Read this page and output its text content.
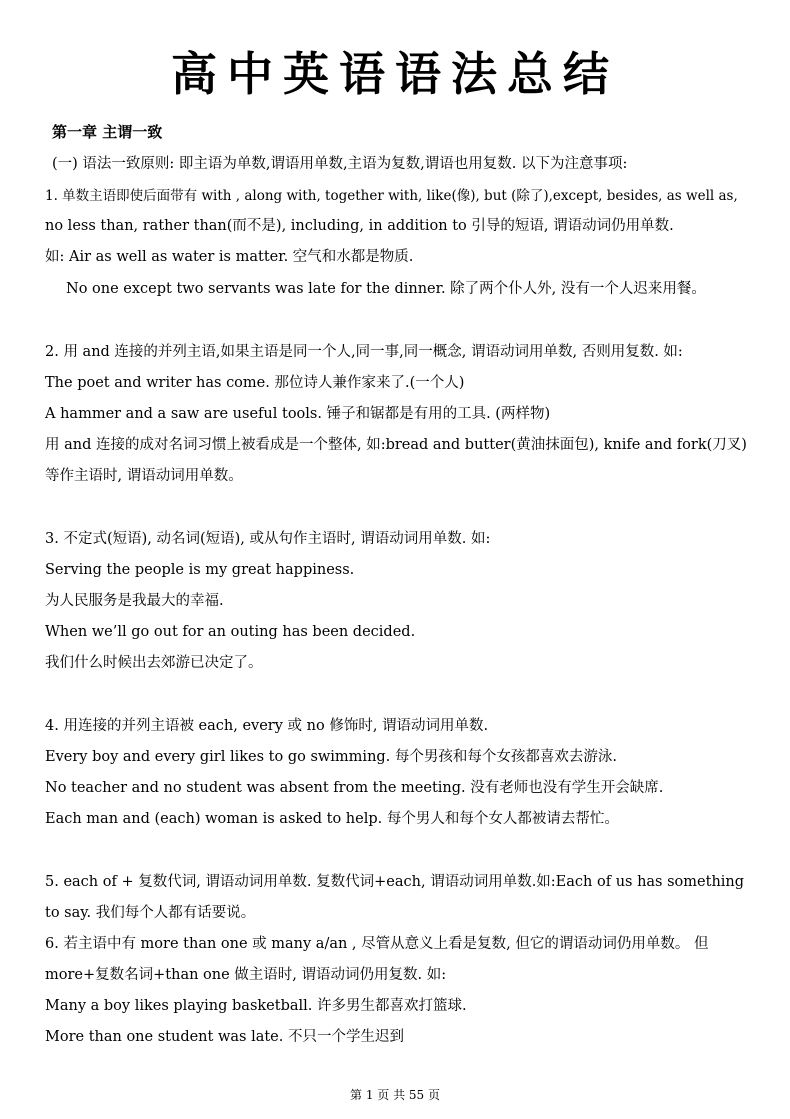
高中英语语法总结
第一章 主谓一致
(一) 语法一致原则: 即主语为单数,谓语用单数,主语为复数,谓语也用复数. 以下为注意事项:
1. 单数主语即使后面带有 with , along with, together with, like(像), but (除了),except, besides, as well as,
no less than, rather than(而不是), including, in addition to 引导的短语, 谓语动词仍用单数.
如: Air as well as water is matter. 空气和水都是物质.
No one except two servants was late for the dinner. 除了两个仆人外, 没有一个人迟来用餐。
2. 用 and 连接的并列主语,如果主语是同一个人,同一事,同一概念, 谓语动词用单数, 否则用复数. 如:
The poet and writer has come. 那位诗人兼作家来了.(一个人)
A hammer and a saw are useful tools. 锤子和锯都是有用的工具. (两样物)
用 and 连接的成对名词习惯上被看成是一个整体, 如:bread and butter(黄油抹面包), knife and fork(刀叉)
等作主语时, 谓语动词用单数。
3. 不定式(短语), 动名词(短语), 或从句作主语时, 谓语动词用单数. 如:
Serving the people is my great happiness.
为人民服务是我最大的幸福.
When we’ll go out for an outing has been decided.
我们什么时候出去郊游已决定了。
4. 用连接的并列主语被 each, every 或 no 修饰时, 谓语动词用单数.
Every boy and every girl likes to go swimming. 每个男孩和每个女孩都喜欢去游泳.
No teacher and no student was absent from the meeting. 没有老师也没有学生开会缺席.
Each man and (each) woman is asked to help. 每个男人和每个女人都被请去帮忙。
5. each of + 复数代词, 谓语动词用单数. 复数代词+each, 谓语动词用单数.如:Each of us has something
to say. 我们每个人都有话要说。
6. 若主语中有 more than one 或 many a/an , 尽管从意义上看是复数, 但它的谓语动词仍用单数。 但
more+复数名词+than one 做主语时, 谓语动词仍用复数. 如:
Many a boy likes playing basketball. 许多男生都喜欢打篮球.
More than one student was late. 不只一个学生迟到
第 1 页 共 55 页
